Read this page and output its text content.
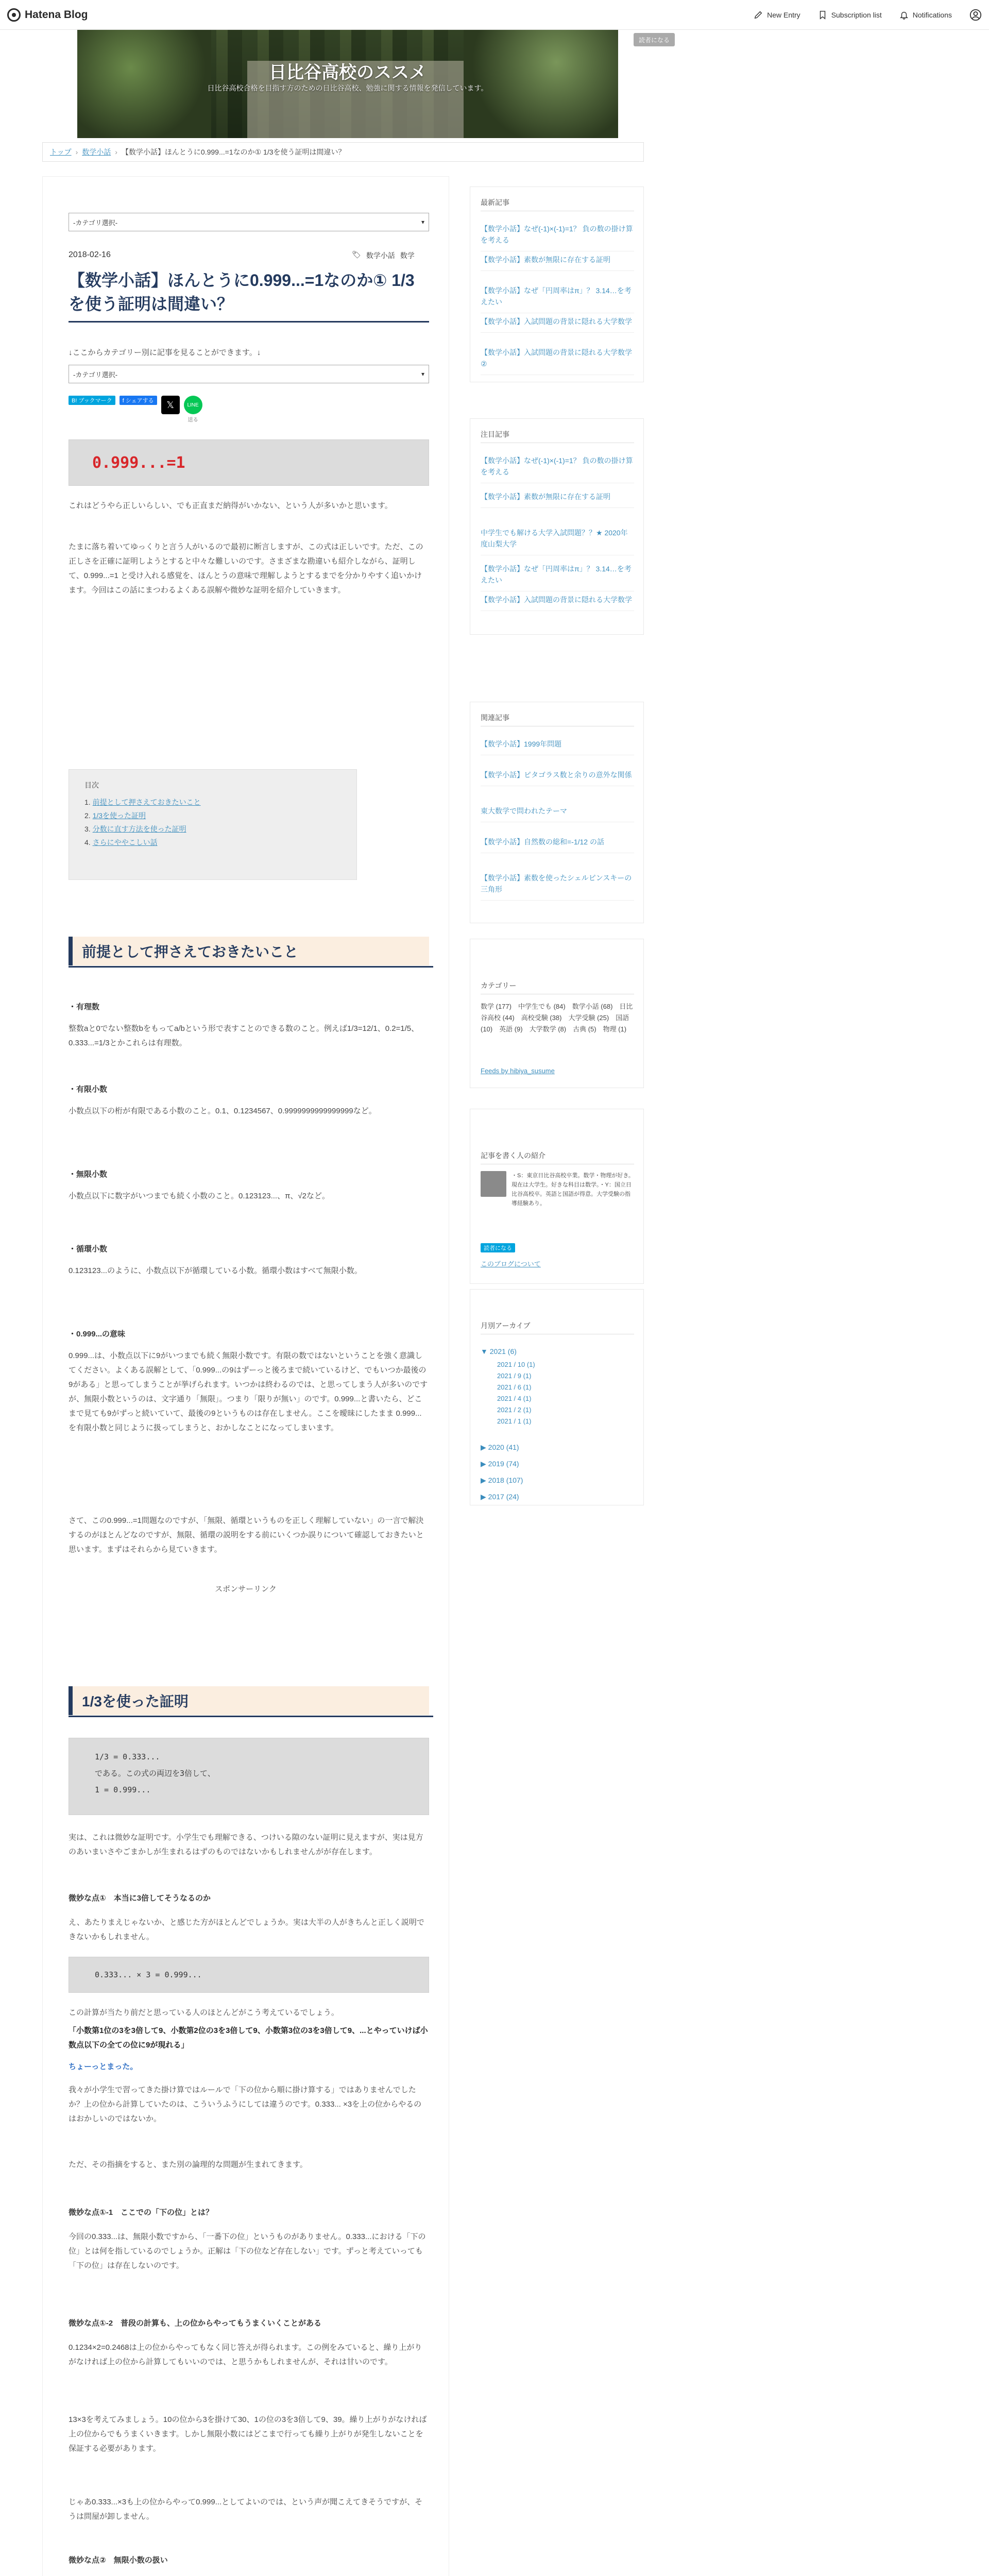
Hatena Blog	New Entry	Subscription list	Notifications
日比谷高校のススメ
日比谷高校合格を目指す方のための日比谷高校、勉強に関する情報を発信しています。
読者になる
トップ › 数学小話 › 【数学小話】ほんとうに0.999...=1なのか① 1/3を使う証明は間違い？
-カテゴリ選択-	▾
2018-02-16	🏷 数学小話 数学
【数学小話】ほんとうに0.999...=1なのか① 1/3を使う証明は間違い？
↓ここからカテゴリー別に記事を見ることができます。↓
-カテゴリ選択-	▾
B! ブックマーク	f シェアする	𝕏	LINE
送る
0.999...=1
これはどうやら正しいらしい、でも正直まだ納得がいかない、という人が多いかと思います。
たまに落ち着いてゆっくりと言う人がいるので最初に断言しますが、この式は正しいです。ただ、この正しさを正確に証明しようとすると中々な難しいのです。さまざまな勘違いも紹介しながら、証明して、0.999...=1 と受け入れる感覚を、ほんとうの意味で理解しようとするまでを分かりやすく追いかけます。今回はこの話にまつわるよくある誤解や微妙な証明を紹介していきます。
目次
1. 前提として押さえておきたいこと
2. 1/3を使った証明
3. 分数に直す方法を使った証明
4. さらにややこしい話
前提として押さえておきたいこと
・有理数
整数aと0でない整数bをもってa/bという形で表すことのできる数のこと。例えば1/3=12/1、0.2=1/5、0.333...=1/3とかこれらは有理数。
・有限小数
小数点以下の桁が有限である小数のこと。0.1、0.1234567、0.9999999999999999など。
・無限小数
小数点以下に数字がいつまでも続く小数のこと。0.123123...、π、√2など。
・循環小数
0.123123...のように、小数点以下が循環している小数。循環小数はすべて無限小数。
・0.999...の意味
0.999...は、小数点以下に9がいつまでも続く無限小数です。有限の数ではないということを強く意識してください。よくある誤解として、「0.999...の9はずーっと後ろまで続いているけど、でもいつか最後の9がある」と思ってしまうことが挙げられます。いつかは終わるのでは、と思ってしまう人が多いのですが、無限小数というのは、文字通り「無限」。つまり「限りが無い」のです。0.999...と書いたら、どこまで見ても9がずっと続いていて、最後の9というものは存在しません。ここを曖昧にしたまま 0.999... を有限小数と同じように扱ってしまうと、おかしなことになってしまいます。
さて、この0.999...=1問題なのですが、「無限、循環というものを正しく理解していない」の一言で解決するのがほとんどなのですが、無限、循環の説明をする前にいくつか誤りについて確認しておきたいと思います。まずはそれらから見ていきます。
スポンサーリンク
1/3を使った証明
1/3 = 0.333...
である。この式の両辺を3倍して、
1 = 0.999...
実は、これは微妙な証明です。小学生でも理解できる、つけいる隙のない証明に見えますが、実は見方のあいまいさやごまかしが生まれるはずのものではないかもしれませんがが存在します。
微妙な点①　本当に3倍してそうなるのか
え、あたりまえじゃないか、と感じた方がほとんどでしょうか。実は大半の人がきちんと正しく説明できないかもしれません。
0.333... × 3 = 0.999...
この計算が当たり前だと思っている人のほとんどがこう考えているでしょう。
「小数第1位の3を3倍して9、小数第2位の3を3倍して9、小数第3位の3を3倍して9、...とやっていけば小数点以下の全ての位に9が現れる」
ちょーっとまった。
我々が小学生で習ってきた掛け算ではルールで「下の位から順に掛け算する」ではありませんでしたか？上の位から計算していたのは、こういうふうにしては違うのです。0.333... ×3を上の位からやるのはおかしいのではないか。
ただ、その指摘をすると、また別の論理的な問題が生まれてきます。
微妙な点①-1　ここでの「下の位」とは？
今回の0.333...は、無限小数ですから、「一番下の位」というものがありません。0.333...における「下の位」とは何を指しているのでしょうか。正解は「下の位など存在しない」です。ずっと考えていっても「下の位」は存在しないのです。
微妙な点①-2　普段の計算も、上の位からやってもうまくいくことがある
0.1234×2=0.2468は上の位からやってもなく同じ答えが得られます。この例をみていると、繰り上がりがなければ上の位から計算してもいいのでは、と思うかもしれませんが、それは甘いのです。
13×3を考えてみましょう。10の位から3を掛けて30、1の位の3を3倍して9、39。繰り上がりがなければ上の位からでもうまくいきます。しかし無限小数にはどこまで行っても繰り上がりが発生しないことを保証する必要があります。
じゃあ0.333...×3も上の位からやって0.999...としてよいのでは、という声が聞こえてきそうですが、そうは問屋が卸しません。
微妙な点②　無限小数の扱い
最新記事
【数学小話】なぜ(-1)×(-1)=1？ 負の数の掛け算を考える
【数学小話】素数が無限に存在する証明
【数学小話】なぜ「円周率はπ」？ 3.14…を考えたい
【数学小話】入試問題の背景に隠れる大学数学
【数学小話】入試問題の背景に隠れる大学数学②
注目記事
【数学小話】なぜ(-1)×(-1)=1？ 負の数の掛け算を考える
【数学小話】素数が無限に存在する証明
中学生でも解ける大学入試問題？？★ 2020年度山梨大学
【数学小話】なぜ「円周率はπ」？ 3.14…を考えたい
【数学小話】入試問題の背景に隠れる大学数学
関連記事
【数学小話】1999年問題
【数学小話】ピタゴラス数と余りの意外な関係
東大数学で問われたテーマ
【数学小話】自然数の総和=-1/12 の話
【数学小話】素数を使ったシェルピンスキーの三角形
カテゴリー
数学 (177)　中学生でも (84)　数学小話 (68)　日比谷高校 (44)　高校受験 (38)　大学受験 (25)　国語 (10)　英語 (9)　大学数学 (8)　古典 (5)　物理 (1)
Feeds by hibiya_susume
記事を書く人の紹介
・S：東京日比谷高校卒業。数学・物理が好き。現在は大学生。好きな科目は数学。・Y：国立日比谷高校卒。英語と国語が得意。大学受験の指導経験あり。
読者になる
このブログについて
月別アーカイブ
▼ 2021 (6)
2021 / 10 (1)
2021 / 9 (1)
2021 / 6 (1)
2021 / 4 (1)
2021 / 2 (1)
2021 / 1 (1)
▶ 2020 (41)
▶ 2019 (74)
▶ 2018 (107)
▶ 2017 (24)
